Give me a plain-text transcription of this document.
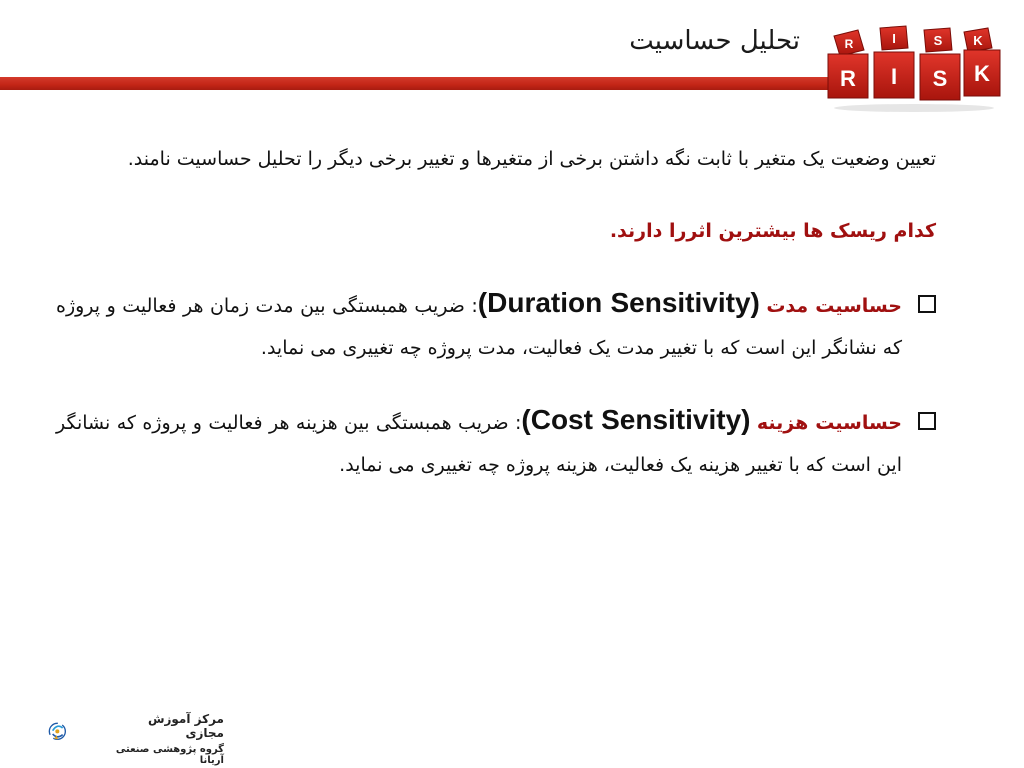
تحلیل حساسیت	R	I	S K
R I S K

تعیین وضعیت یک متغیر با ثابت نگه داشتن برخی از متغیرها و تغییر برخی دیگر را تحلیل حساسیت نامند.

کدام ریسک ها بیشترین اثررا دارند.

حساسیت مدت (Duration Sensitivity): ضریب همبستگی بین مدت زمان هر فعالیت و پروژه که نشانگر این است که با تغییر مدت یک فعالیت، مدت پروژه چه تغییری می نماید.
حساسیت هزینه (Cost Sensitivity): ضریب همبستگی بین هزینه هر فعالیت و پروژه که نشانگر این است که با تغییر هزینه یک فعالیت، هزینه پروژه چه تغییری می نماید.
مرکز آموزش مجازی
گروه پژوهشی صنعتی آریانا
